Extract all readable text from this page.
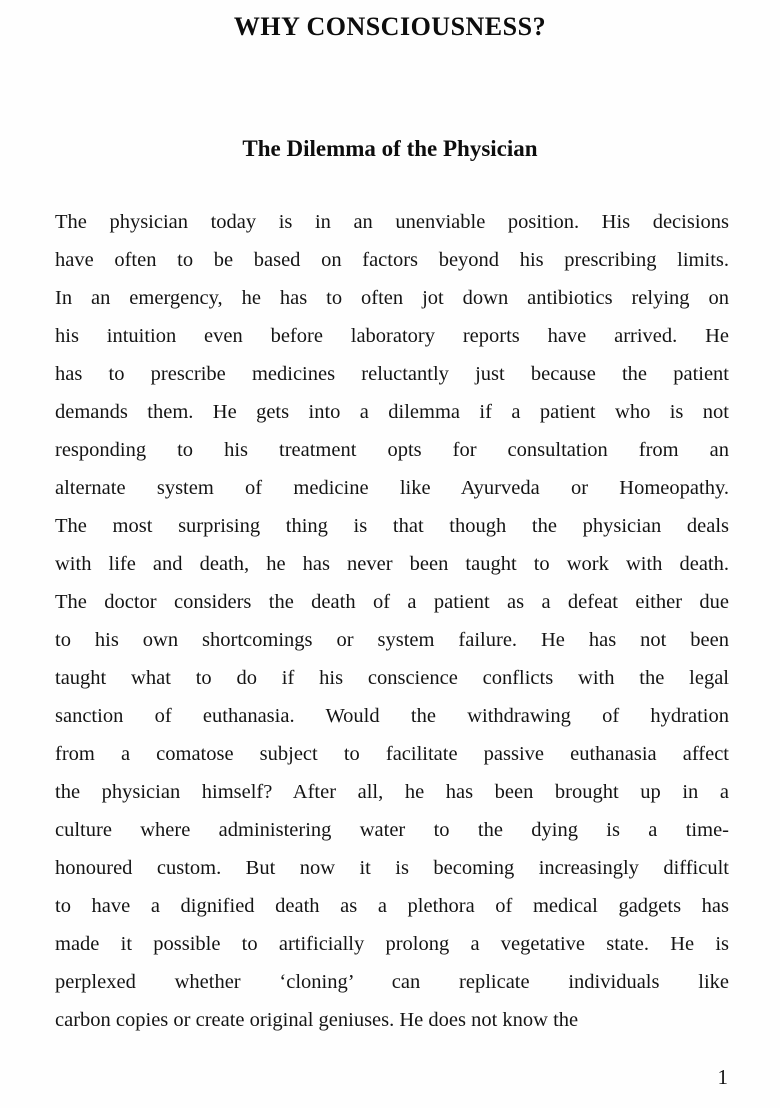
WHY CONSCIOUSNESS?
The Dilemma of the Physician
The physician today is in an unenviable position. His decisions
have often to be based on factors beyond his prescribing limits.
In an emergency, he has to often jot down antibiotics relying on
his intuition even before laboratory reports have arrived. He
has to prescribe medicines reluctantly just because the patient
demands them. He gets into a dilemma if a patient who is not
responding to his treatment opts for consultation from an
alternate system of medicine like Ayurveda or Homeopathy.
The most surprising thing is that though the physician deals
with life and death, he has never been taught to work with death.
The doctor considers the death of a patient as a defeat either due
to his own shortcomings or system failure. He has not been
taught what to do if his conscience conflicts with the legal
sanction of euthanasia. Would the withdrawing of hydration
from a comatose subject to facilitate passive euthanasia affect
the physician himself? After all, he has been brought up in a
culture where administering water to the dying is a time-
honoured custom. But now it is becoming increasingly difficult
to have a dignified death as a plethora of medical gadgets has
made it possible to artificially prolong a vegetative state. He is
perplexed whether ‘cloning’ can replicate individuals like
carbon copies or create original geniuses. He does not know the
1
